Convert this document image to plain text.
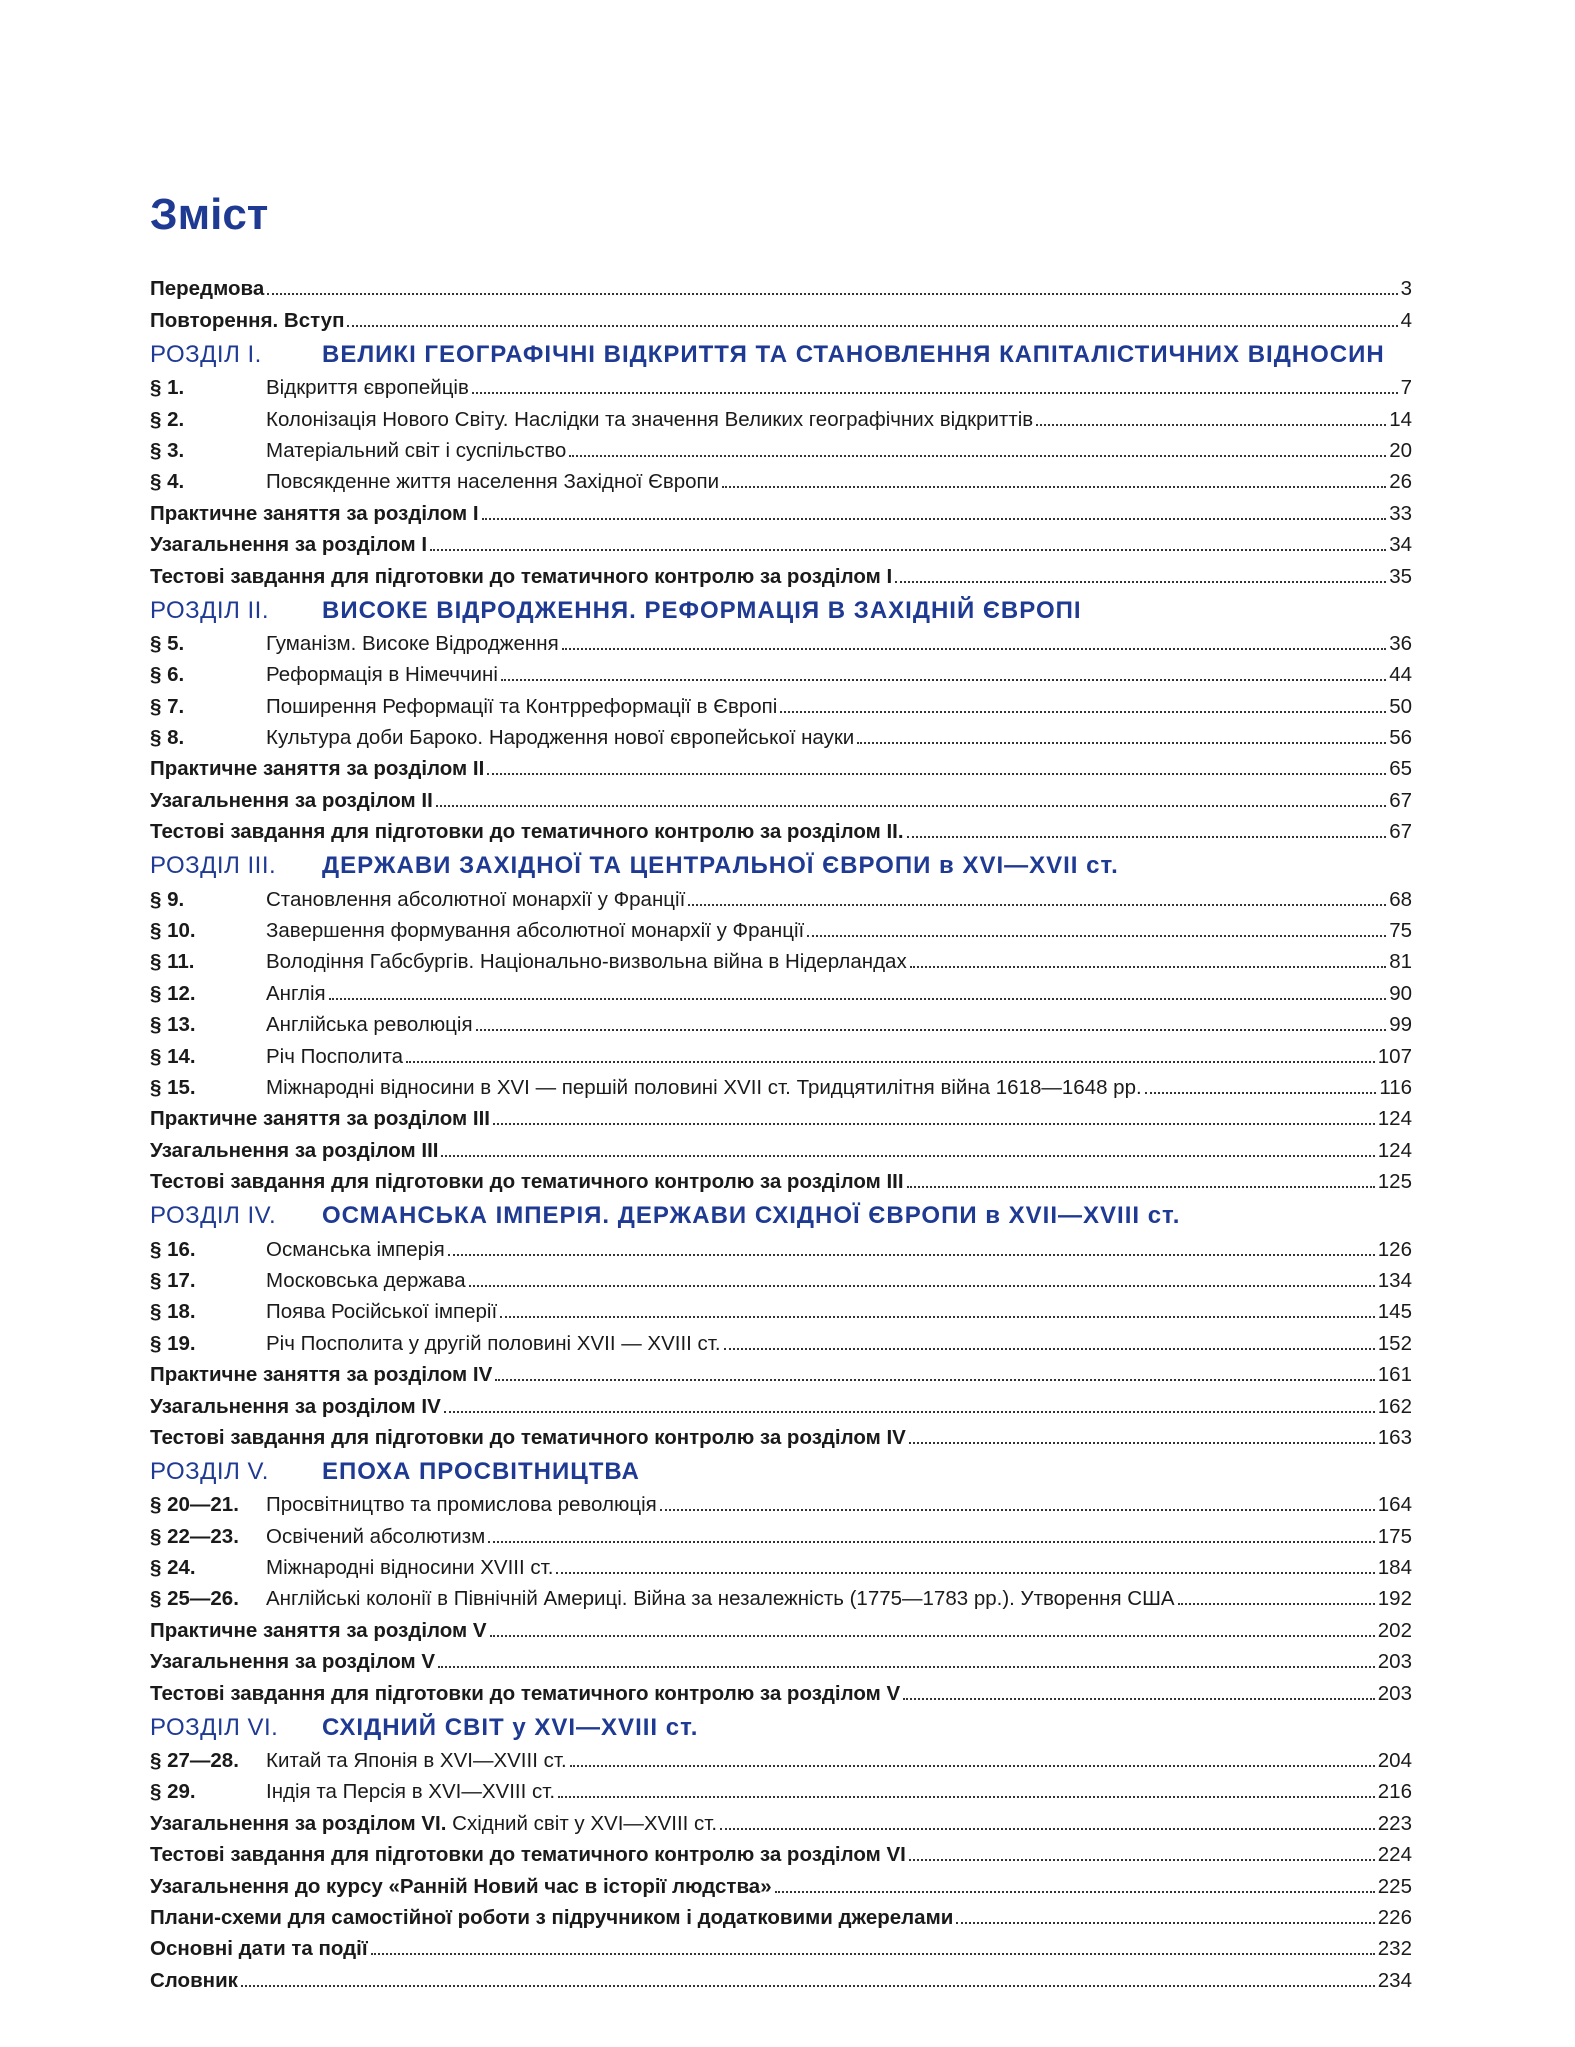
Зміст
Передмова	3
Повторення. Вступ	4
РОЗДІЛ І.	ВЕЛИКІ ГЕОГРАФІЧНІ ВІДКРИТТЯ ТА СТАНОВЛЕННЯ КАПІТАЛІСТИЧНИХ ВІДНОСИН
§ 1.	Відкриття європейців	7
§ 2.	Колонізація Нового Світу. Наслідки та значення Великих географічних відкриттів	14
§ 3.	Матеріальний світ і суспільство	20
§ 4.	Повсякденне життя населення Західної Європи	26
Практичне заняття за розділом І	33
Узагальнення за розділом І	34
Тестові завдання для підготовки до тематичного контролю за розділом І	35
РОЗДІЛ ІІ.	ВИСОКЕ ВІДРОДЖЕННЯ. РЕФОРМАЦІЯ В ЗАХІДНІЙ ЄВРОПІ
§ 5.	Гуманізм. Високе Відродження	36
§ 6.	Реформація в Німеччині	44
§ 7.	Поширення Реформації та Контрреформації в Європі	50
§ 8.	Культура доби Бароко. Народження нової європейської науки	56
Практичне заняття за розділом ІІ	65
Узагальнення за розділом ІІ	67
Тестові завдання для підготовки до тематичного контролю за розділом ІІ.	67
РОЗДІЛ ІІІ.	ДЕРЖАВИ ЗАХІДНОЇ ТА ЦЕНТРАЛЬНОЇ ЄВРОПИ в XVI—XVII ст.
§ 9.	Становлення абсолютної монархії у Франції	68
§ 10.	Завершення формування абсолютної монархії у Франції	75
§ 11.	Володіння Габсбургів. Національно-визвольна війна в Нідерландах	81
§ 12.	Англія	90
§ 13.	Англійська революція	99
§ 14.	Річ Посполита	107
§ 15.	Міжнародні відносини в XVI — першій половині XVII ст. Тридцятилітня війна 1618—1648 рр.	116
Практичне заняття за розділом ІІІ	124
Узагальнення за розділом ІІІ	124
Тестові завдання для підготовки до тематичного контролю за розділом ІІІ	125
РОЗДІЛ ІV.	ОСМАНСЬКА ІМПЕРІЯ. ДЕРЖАВИ СХІДНОЇ ЄВРОПИ в XVII—XVIII ст.
§ 16.	Османська імперія	126
§ 17.	Московська держава	134
§ 18.	Поява Російської імперії	145
§ 19.	Річ Посполита у другій половині XVII — XVIII ст.	152
Практичне заняття за розділом ІV	161
Узагальнення за розділом ІV	162
Тестові завдання для підготовки до тематичного контролю за розділом ІV	163
РОЗДІЛ V.	ЕПОХА ПРОСВІТНИЦТВА
§ 20—21.	Просвітництво та промислова революція	164
§ 22—23.	Освічений абсолютизм	175
§ 24.	Міжнародні відносини XVIII ст.	184
§ 25—26.	Англійські колонії в Північній Америці. Війна за незалежність (1775—1783 рр.). Утворення США	192
Практичне заняття за розділом V	202
Узагальнення за розділом V	203
Тестові завдання для підготовки до тематичного контролю за розділом V	203
РОЗДІЛ VІ.	СХІДНИЙ СВІТ у XVI—XVIII ст.
§ 27—28.	Китай та Японія в XVI—XVIII ст.	204
§ 29.	Індія та Персія в XVI—XVIII ст.	216
Узагальнення за розділом VІ. Східний світ у XVI—XVIII ст.	223
Тестові завдання для підготовки до тематичного контролю за розділом VІ	224
Узагальнення до курсу «Ранній Новий час в історії людства»	225
Плани-схеми для самостійної роботи з підручником і додатковими джерелами	226
Основні дати та події	232
Словник	234
